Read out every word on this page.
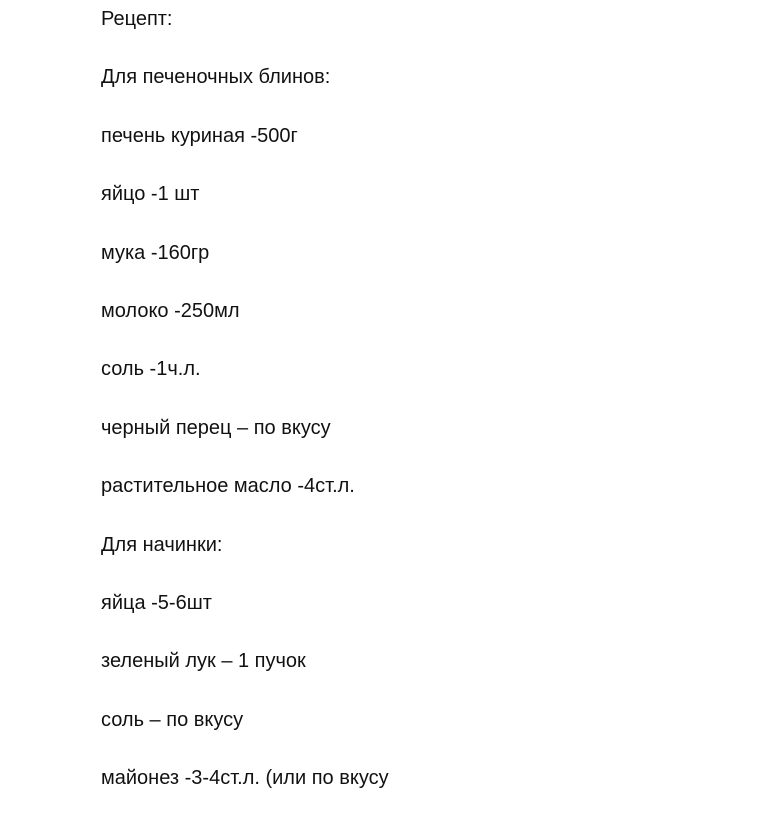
Рецепт:
Для печеночных блинов:
печень куриная -500г
яйцо -1 шт
мука -160гр
молоко -250мл
соль -1ч.л.
черный перец – по вкусу
растительное масло -4ст.л.
Для начинки:
яйца -5-6шт
зеленый лук – 1 пучок
соль – по вкусу
майонез -3-4ст.л. (или по вкусу
